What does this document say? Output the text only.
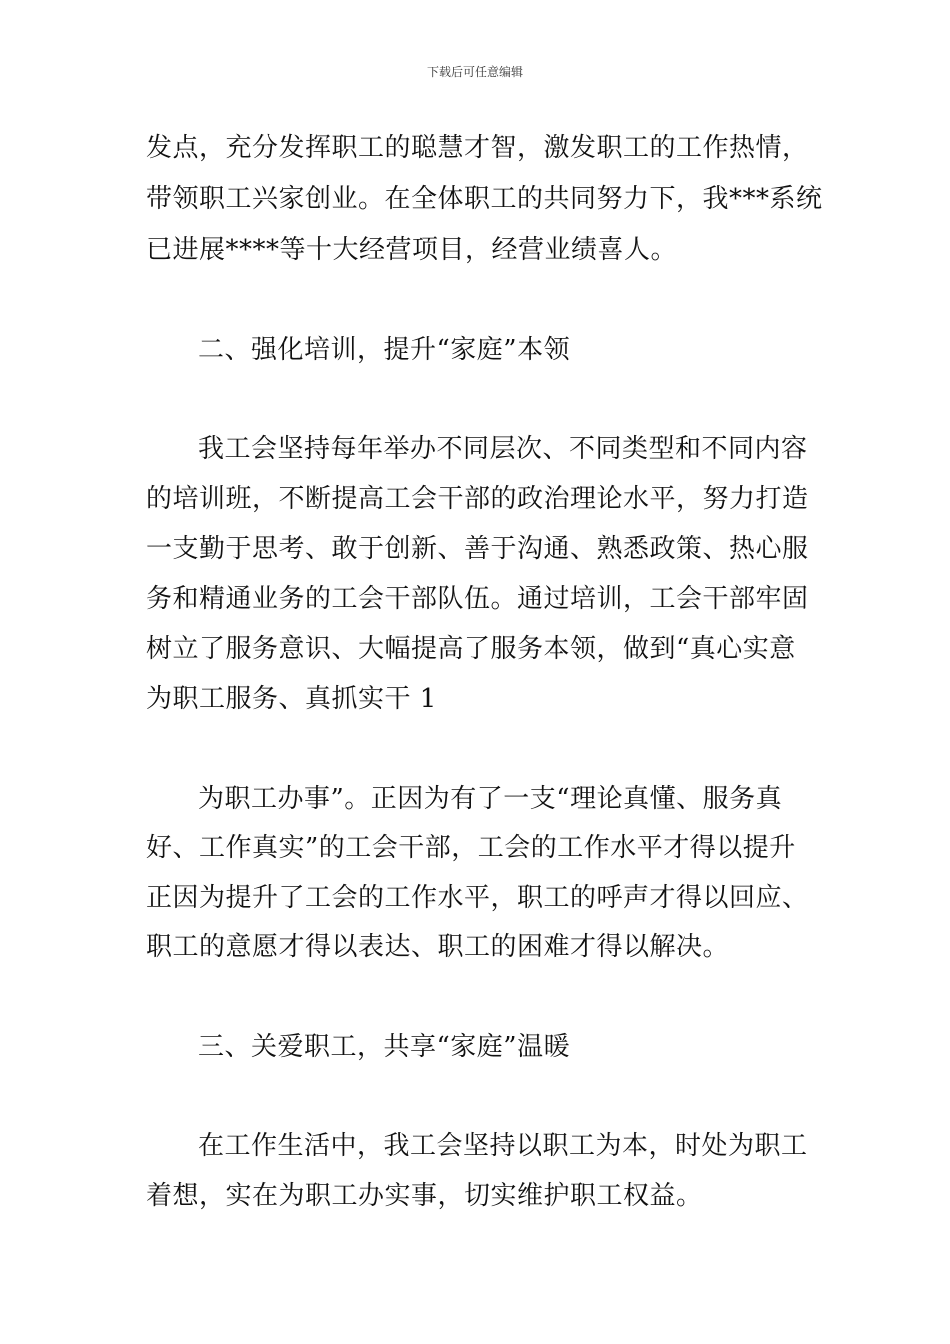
下载后可任意编辑
发点，充分发挥职工的聪慧才智，激发职工的工作热情，
带领职工兴家创业。在全体职工的共同努力下，我***系统
已进展****等十大经营项目，经营业绩喜人。
二、强化培训，提升“家庭”本领
我工会坚持每年举办不同层次、不同类型和不同内容
的培训班，不断提高工会干部的政治理论水平，努力打造
一支勤于思考、敢于创新、善于沟通、熟悉政策、热心服
务和精通业务的工会干部队伍。通过培训，工会干部牢固
树立了服务意识、大幅提高了服务本领，做到“真心实意
为职工服务、真抓实干 1
为职工办事”。正因为有了一支“理论真懂、服务真
好、工作真实”的工会干部，工会的工作水平才得以提升
正因为提升了工会的工作水平，职工的呼声才得以回应、
职工的意愿才得以表达、职工的困难才得以解决。
三、关爱职工，共享“家庭”温暖
在工作生活中，我工会坚持以职工为本，时处为职工
着想，实在为职工办实事，切实维护职工权益。
